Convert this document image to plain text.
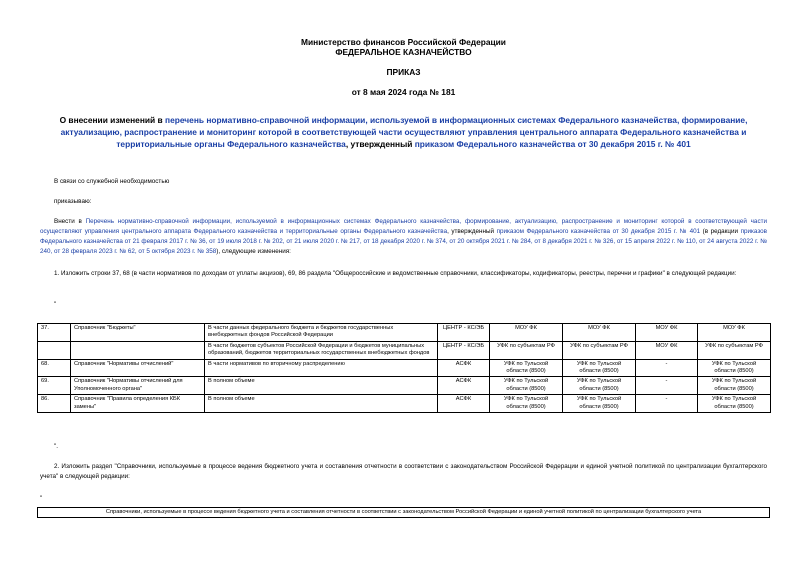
Министерство финансов Российской Федерации
ФЕДЕРАЛЬНОЕ КАЗНАЧЕЙСТВО
ПРИКАЗ
от 8 мая 2024 года № 181
О внесении изменений в перечень нормативно-справочной информации, используемой в информационных системах Федерального казначейства, формирование, актуализацию, распространение и мониторинг которой в соответствующей части осуществляют управления центрального аппарата Федерального казначейства и территориальные органы Федерального казначейства, утвержденный приказом Федерального казначейства от 30 декабря 2015 г. № 401
В связи со служебной необходимостью
приказываю:
Внести в Перечень нормативно-справочной информации, используемой в информационных системах Федерального казначейства, формирование, актуализацию, распространение и мониторинг которой в соответствующей части осуществляют управления центрального аппарата Федерального казначейства и территориальные органы Федерального казначейства, утвержденный приказом Федерального казначейства от 30 декабря 2015 г. № 401 (в редакции приказов Федерального казначейства от 21 февраля 2017 г. № 36, от 19 июля 2018 г. № 202, от 21 июля 2020 г. № 217, от 18 декабря 2020 г. № 374, от 20 октября 2021 г. № 284, от 8 декабря 2021 г. № 326, от 15 апреля 2022 г. № 110, от 24 августа 2022 г. № 240, от 28 февраля 2023 г. № 62, от 5 октября 2023 г. № 358), следующие изменения:
1. Изложить строки 37, 68 (в части нормативов по доходам от уплаты акцизов), 69, 86 раздела "Общероссийские и ведомственные справочники, классификаторы, кодификаторы, реестры, перечни и графики" в следующей редакции:
"
37.	Справочник "Бюджеты"	В части данных федерального бюджета и бюджетов государственных внебюджетных фондов Российской Федерации	ЦЕНТР - КС/ЭБ	МОУ ФК	МОУ ФК	МОУ ФК	МОУ ФК
		В части бюджетов субъектов Российской Федерации и бюджетов муниципальных образований, бюджетов территориальных государственных внебюджетных фондов	ЦЕНТР - КС/ЭБ	УФК по субъектам РФ	УФК по субъектам РФ	МОУ ФК	УФК по субъектам РФ
68.	Справочник "Нормативы отчислений"	В части нормативов по вторичному распределению	АСФК	УФК по Тульской области (8500)	УФК по Тульской области (8500)	-	УФК по Тульской области (8500)
69.	Справочник "Нормативы отчислений для Уполномоченного органа"	В полном объеме	АСФК	УФК по Тульской области (8500)	УФК по Тульской области (8500)	-	УФК по Тульской области (8500)
86.	Справочник "Правила определения КБК замены"	В полном объеме	АСФК	УФК по Тульской области (8500)	УФК по Тульской области (8500)	-	УФК по Тульской области (8500)
".
2. Изложить раздел "Справочники, используемые в процессе ведения бюджетного учета и составления отчетности в соответствии с законодательством Российской Федерации и единой учетной политикой по централизации бухгалтерского учета" в следующей редакции:
"
Справочники, используемые в процессе ведения бюджетного учета и составления отчетности в соответствии с законодательством Российской Федерации и единой учетной политикой по централизации бухгалтерского учета
